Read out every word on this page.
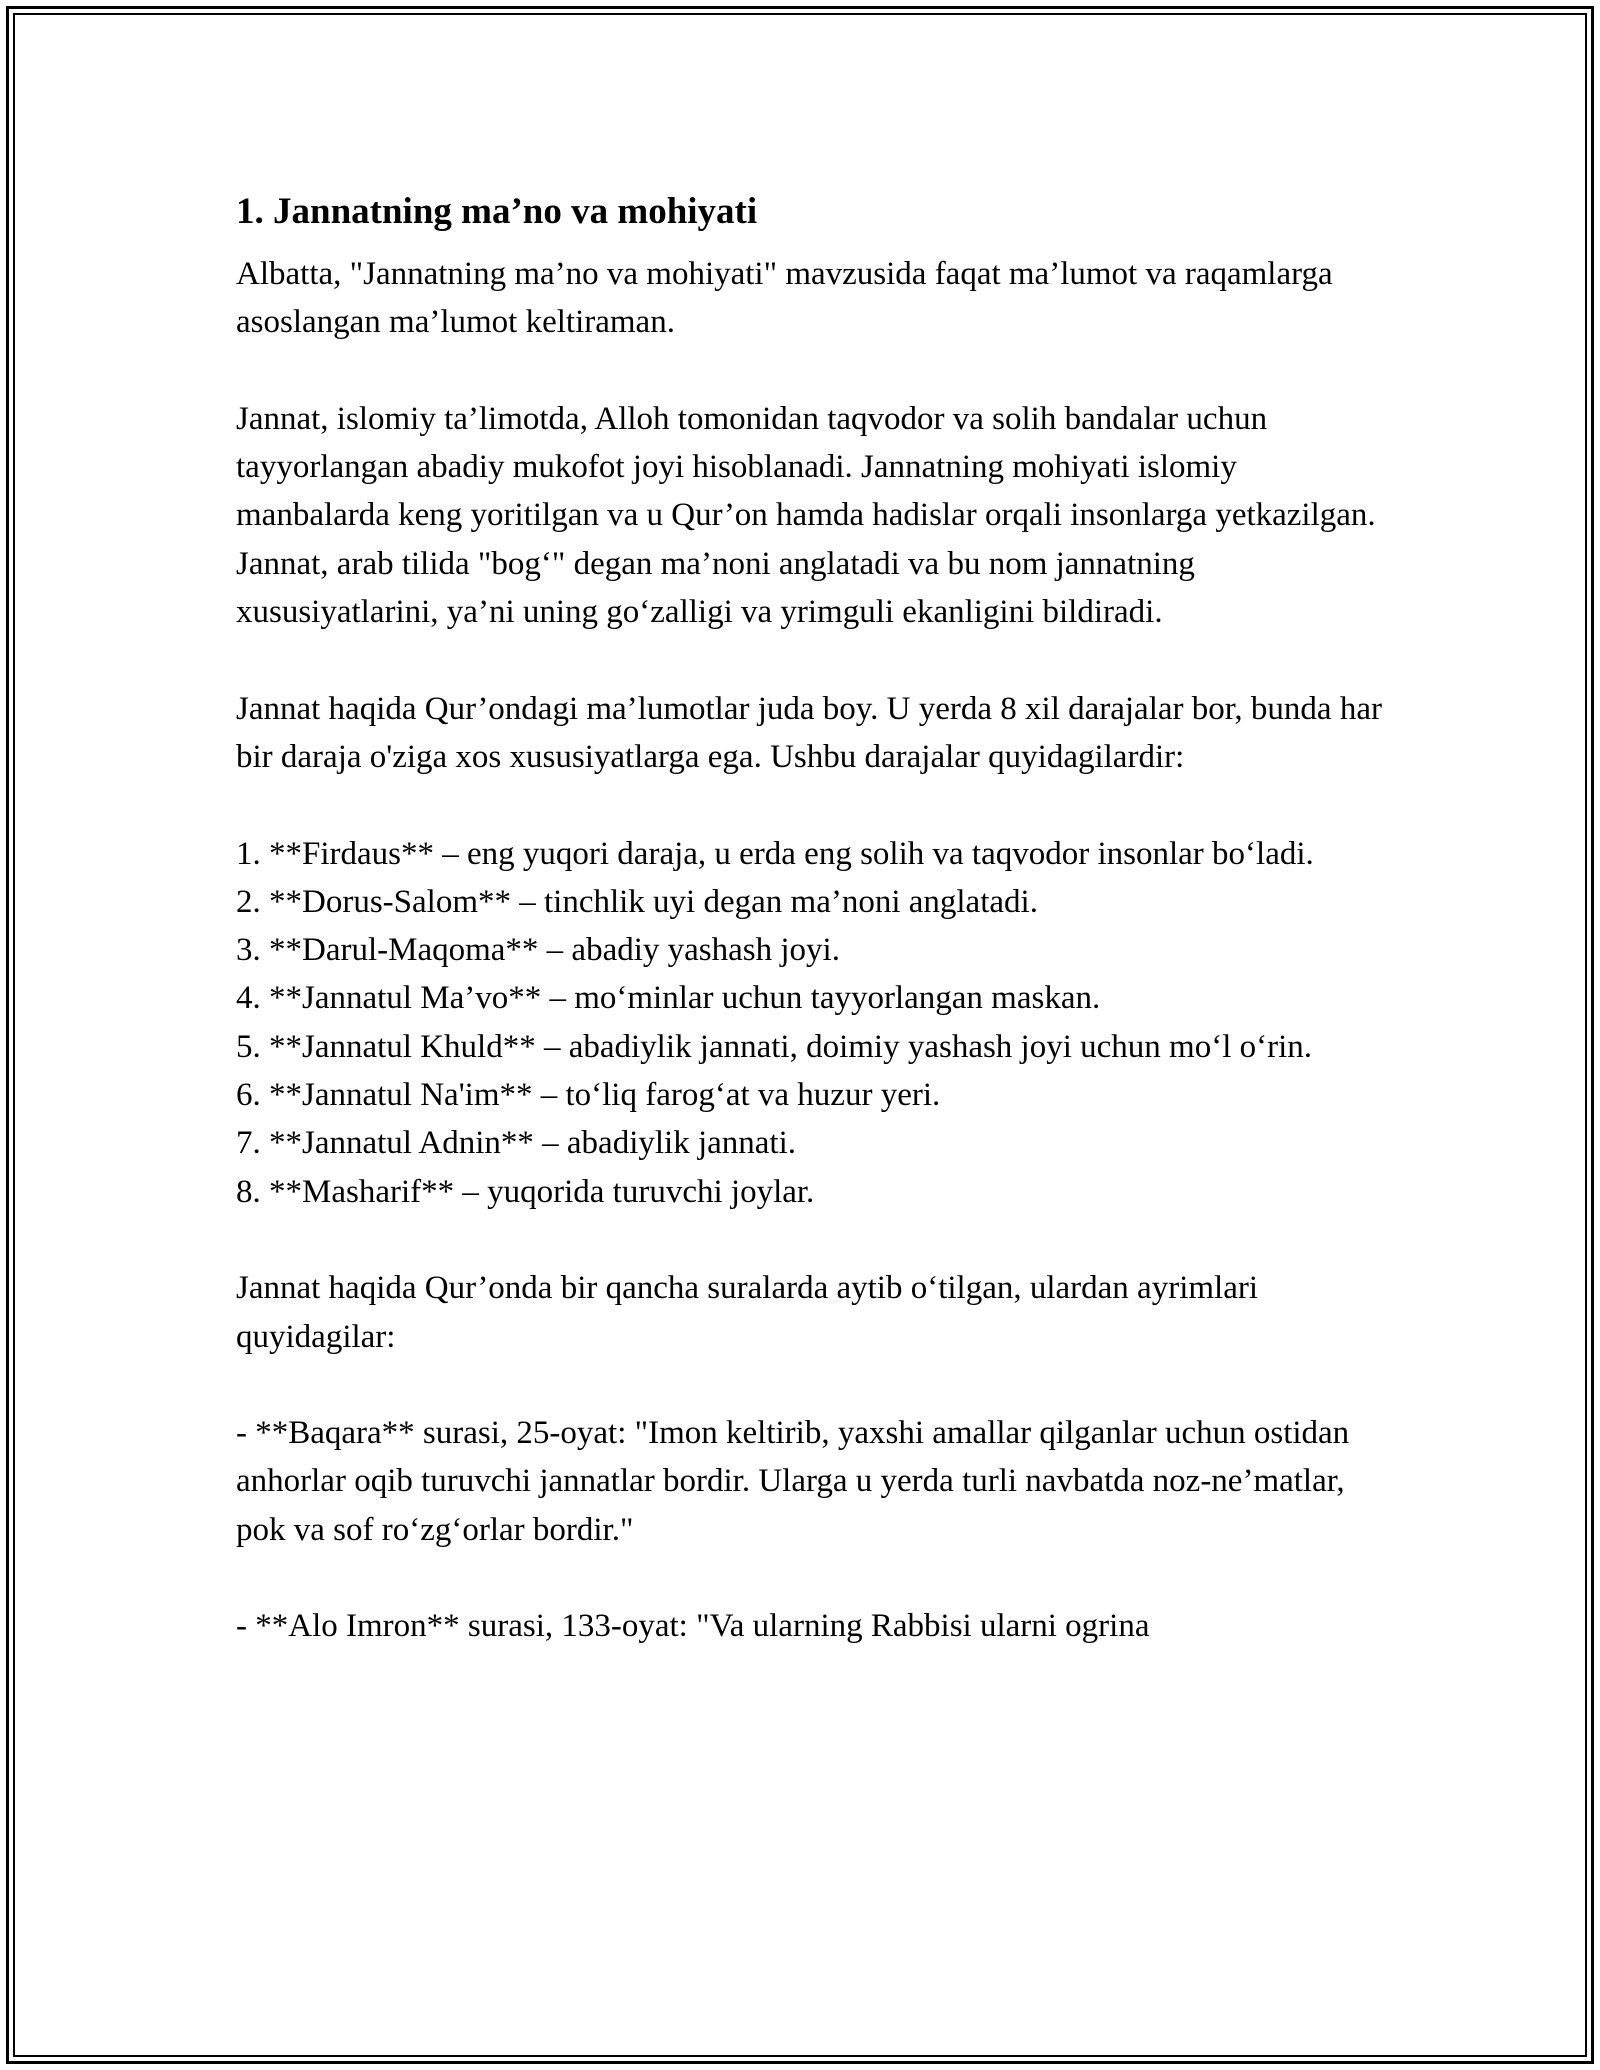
1. Jannatning ma’no va mohiyati

Albatta, "Jannatning ma’no va mohiyati" mavzusida faqat ma’lumot va raqamlarga asoslangan ma’lumot keltiraman.

Jannat, islomiy ta’limotda, Alloh tomonidan taqvodor va solih bandalar uchun tayyorlangan abadiy mukofot joyi hisoblanadi. Jannatning mohiyati islomiy manbalarda keng yoritilgan va u Qur’on hamda hadislar orqali insonlarga yetkazilgan. Jannat, arab tilida "bog‘" degan ma’noni anglatadi va bu nom jannatning xususiyatlarini, ya’ni uning go‘zalligi va yrimguli ekanligini bildiradi.

Jannat haqida Qur’ondagi ma’lumotlar juda boy. U yerda 8 xil darajalar bor, bunda har bir daraja o'ziga xos xususiyatlarga ega. Ushbu darajalar quyidagilardir:

1. **Firdaus** – eng yuqori daraja, u erda eng solih va taqvodor insonlar bo‘ladi.
2. **Dorus-Salom** – tinchlik uyi degan ma’noni anglatadi.
3. **Darul-Maqoma** – abadiy yashash joyi.
4. **Jannatul Ma’vo** – mo‘minlar uchun tayyorlangan maskan.
5. **Jannatul Khuld** – abadiylik jannati, doimiy yashash joyi uchun mo‘l o‘rin.
6. **Jannatul Na'im** – to‘liq farog‘at va huzur yeri.
7. **Jannatul Adnin** – abadiylik jannati.
8. **Masharif** – yuqorida turuvchi joylar.

Jannat haqida Qur’onda bir qancha suralarda aytib o‘tilgan, ulardan ayrimlari quyidagilar:

- **Baqara** surasi, 25-oyat: "Imon keltirib, yaxshi amallar qilganlar uchun ostidan anhorlar oqib turuvchi jannatlar bordir. Ularga u yerda turli navbatda noz-ne’matlar, pok va sof ro‘zg‘orlar bordir."

- **Alo Imron** surasi, 133-oyat: "Va ularning Rabbisi ularni ogrina
